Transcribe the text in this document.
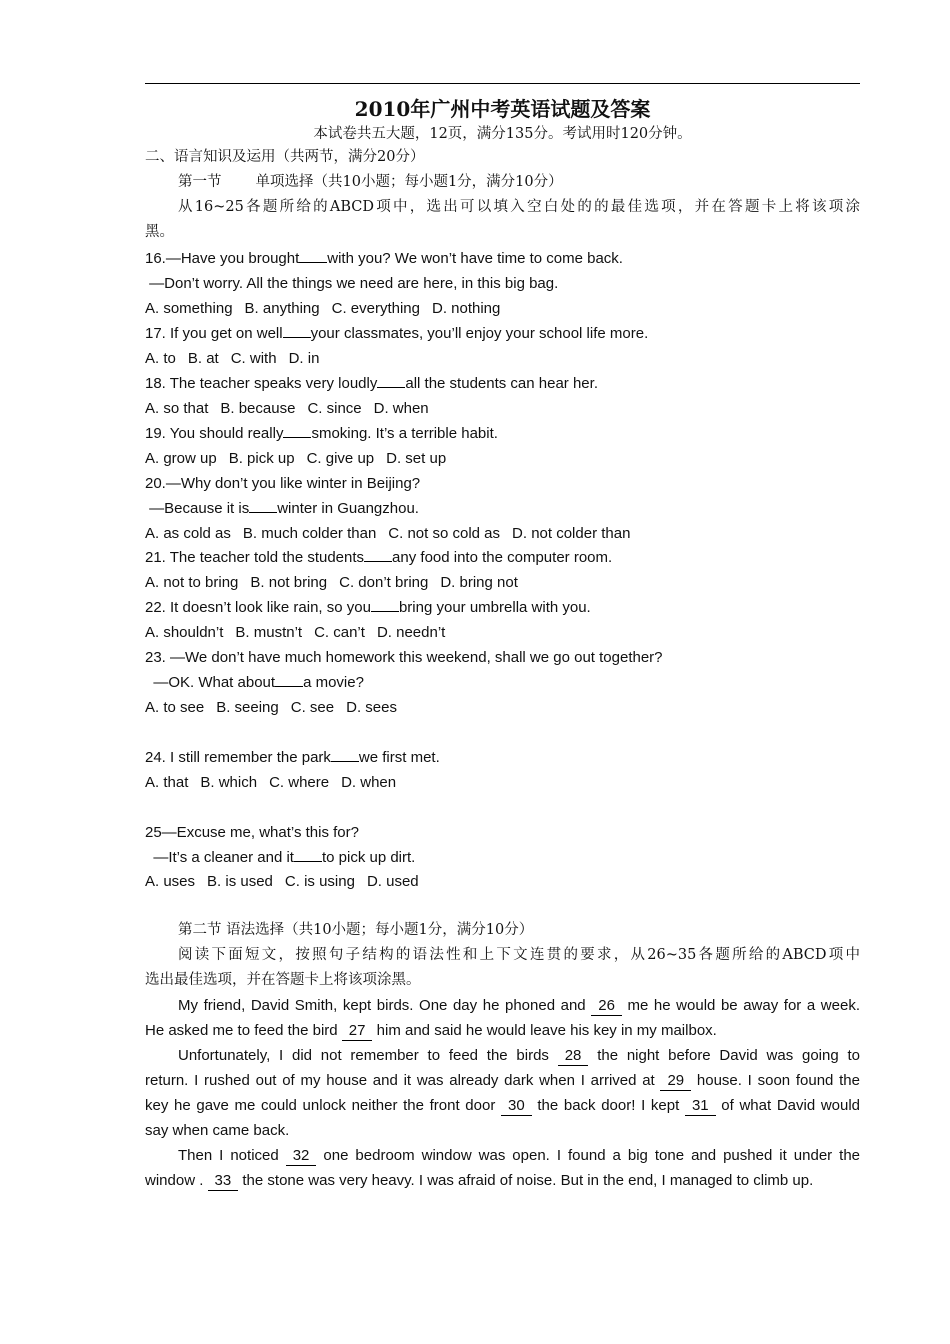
2010年广州中考英语试题及答案
本试卷共五大题，12页，满分135分。考试用时120分钟。
二、语言知识及运用（共两节，满分20分）
第一节 单项选择（共10小题；每小题1分，满分10分）
从16~25各题所给的ABCD项中，选出可以填入空白处的的最佳选项，并在答题卡上将该项涂
黑。
16.—Have you brought with you? We won’t have time to come back.
—Don’t worry. All the things we need are here, in this big bag.
A. something B. anything C. everything D. nothing
17. If you get on well your classmates, you’ll enjoy your school life more.
A. to B. at C. with D. in
18. The teacher speaks very loudly all the students can hear her.
A. so that B. because C. since D. when
19. You should really smoking. It’s a terrible habit.
A. grow up B. pick up C. give up D. set up
20.—Why don’t you like winter in Beijing?
—Because it is winter in Guangzhou.
A. as cold as B. much colder than C. not so cold as D. not colder than
21. The teacher told the students any food into the computer room.
A. not to bring B. not bring C. don’t bring D. bring not
22. It doesn’t look like rain, so you bring your umbrella with you.
A. shouldn’t B. mustn’t C. can’t D. needn’t
23. —We don’t have much homework this weekend, shall we go out together?
—OK. What about a movie?
A. to see B. seeing C. see D. sees
24. I still remember the park we first met.
A. that B. which C. where D. when
25—Excuse me, what’s this for?
—It’s a cleaner and it to pick up dirt.
A. uses B. is used C. is using D. used
第二节 语法选择（共10小题；每小题1分，满分10分）
阅读下面短文，按照句子结构的语法性和上下文连贯的要求，从26~35各题所给的ABCD项中
选出最佳选项，并在答题卡上将该项涂黑。
My friend, David Smith, kept birds. One day he phoned and 26 me he would be away for a week.
He asked me to feed the bird 27 him and said he would leave his key in my mailbox.
Unfortunately, I did not remember to feed the birds 28 the night before David was going to
return. I rushed out of my house and it was already dark when I arrived at 29 house. I soon found the
key he gave me could unlock neither the front door 30 the back door! I kept 31 of what David would
say when came back.
Then I noticed 32 one bedroom window was open. I found a big tone and pushed it under the
window . 33 the stone was very heavy. I was afraid of noise. But in the end, I managed to climb up.
